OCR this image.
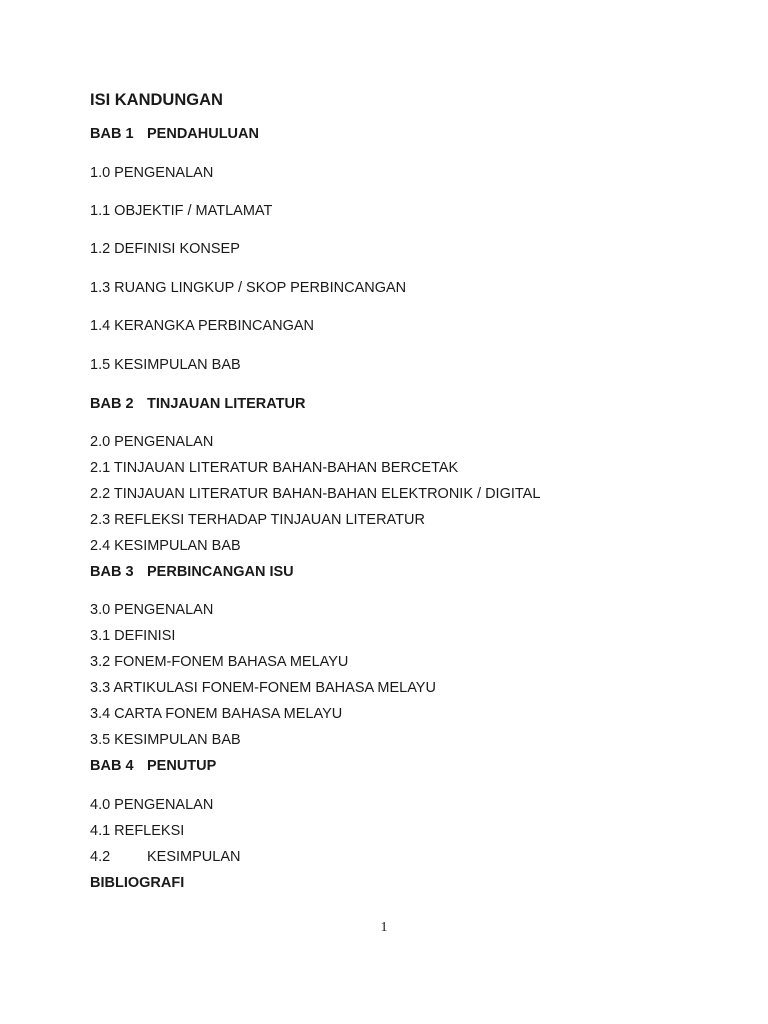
ISI KANDUNGAN
BAB 1 PENDAHULUAN
1.0 PENGENALAN
1.1 OBJEKTIF / MATLAMAT
1.2 DEFINISI KONSEP
1.3 RUANG LINGKUP / SKOP PERBINCANGAN
1.4 KERANGKA PERBINCANGAN
1.5 KESIMPULAN BAB
BAB 2 TINJAUAN LITERATUR
2.0 PENGENALAN
2.1 TINJAUAN LITERATUR BAHAN-BAHAN BERCETAK
2.2 TINJAUAN LITERATUR BAHAN-BAHAN ELEKTRONIK / DIGITAL
2.3 REFLEKSI TERHADAP TINJAUAN LITERATUR
2.4 KESIMPULAN BAB
BAB 3 PERBINCANGAN ISU
3.0 PENGENALAN
3.1 DEFINISI
3.2 FONEM-FONEM BAHASA MELAYU
3.3 ARTIKULASI FONEM-FONEM BAHASA MELAYU
3.4 CARTA FONEM BAHASA MELAYU
3.5 KESIMPULAN BAB
BAB 4 PENUTUP
4.0 PENGENALAN
4.1 REFLEKSI
4.2	KESIMPULAN
BIBLIOGRAFI
1
